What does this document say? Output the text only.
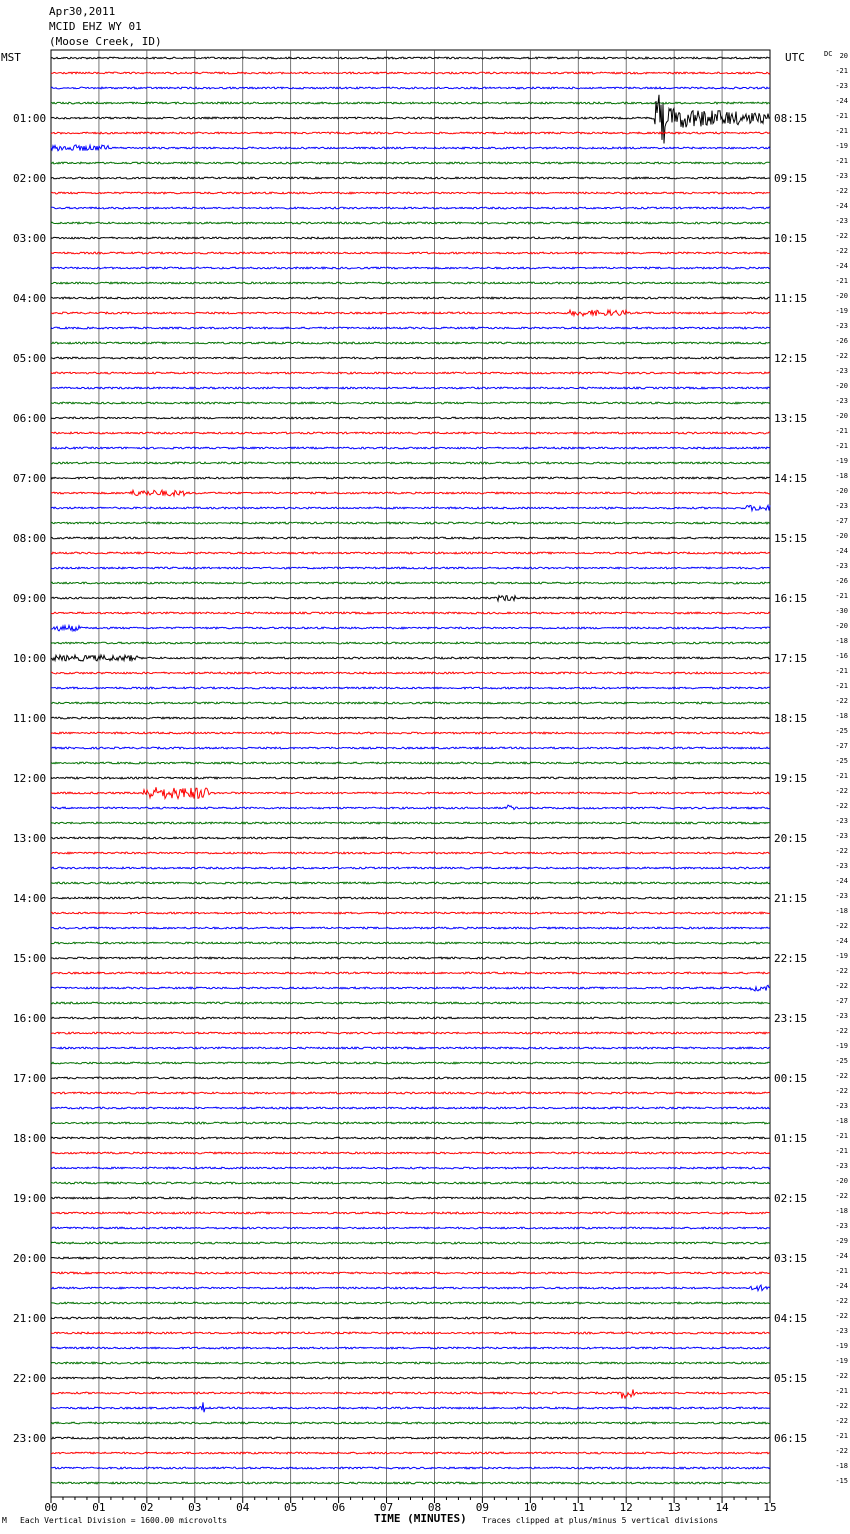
Apr30,2011
MCID EHZ WY 01
(Moose Creek, ID)
MST	UTC
00	01	02	03	04	05	06	07	08	09	10	11	12	13	14	15
20
-21
-23
-24
-21
-21
-19
-21
-23
-22
-24
-23
-22
-22
-24
-21
-20
-19
-23
-26
-22
-23
-20
-23
-20
-21
-21
-19
-18
-20
-23
-27
-20
-24
-23
-26
-21
-30
-20
-18
-16
-21
-21
-22
-18
-25
-27
-25
-21
-22
-22
-23
-23
-22
-23
-24
-23
-18
-22
-24
-19
-22
-22
-27
-23
-22
-19
-25
-22
-22
-23
-18
-21
-21
-23
-20
-22
-18
-23
-29
-24
-21
-24
-22
-22
-23
-19
-19
-22
-21
-22
-22
-21
-22
-18
-15
DC
01:00
02:00
03:00
04:00
05:00
06:00
07:00
08:00
09:00
10:00
11:00
12:00
13:00
14:00
15:00
16:00
17:00
18:00
19:00
20:00
21:00
22:00
23:00
08:15
09:15
10:15
11:15
12:15
13:15
14:15
15:15
16:15
17:15
18:15
19:15
20:15
21:15
22:15
23:15
00:15
01:15
02:15
03:15
04:15
05:15
06:15
M Each Vertical Division = 1600.00 microvolts	TIME (MINUTES) Traces clipped at plus/minus 5 vertical divisions
